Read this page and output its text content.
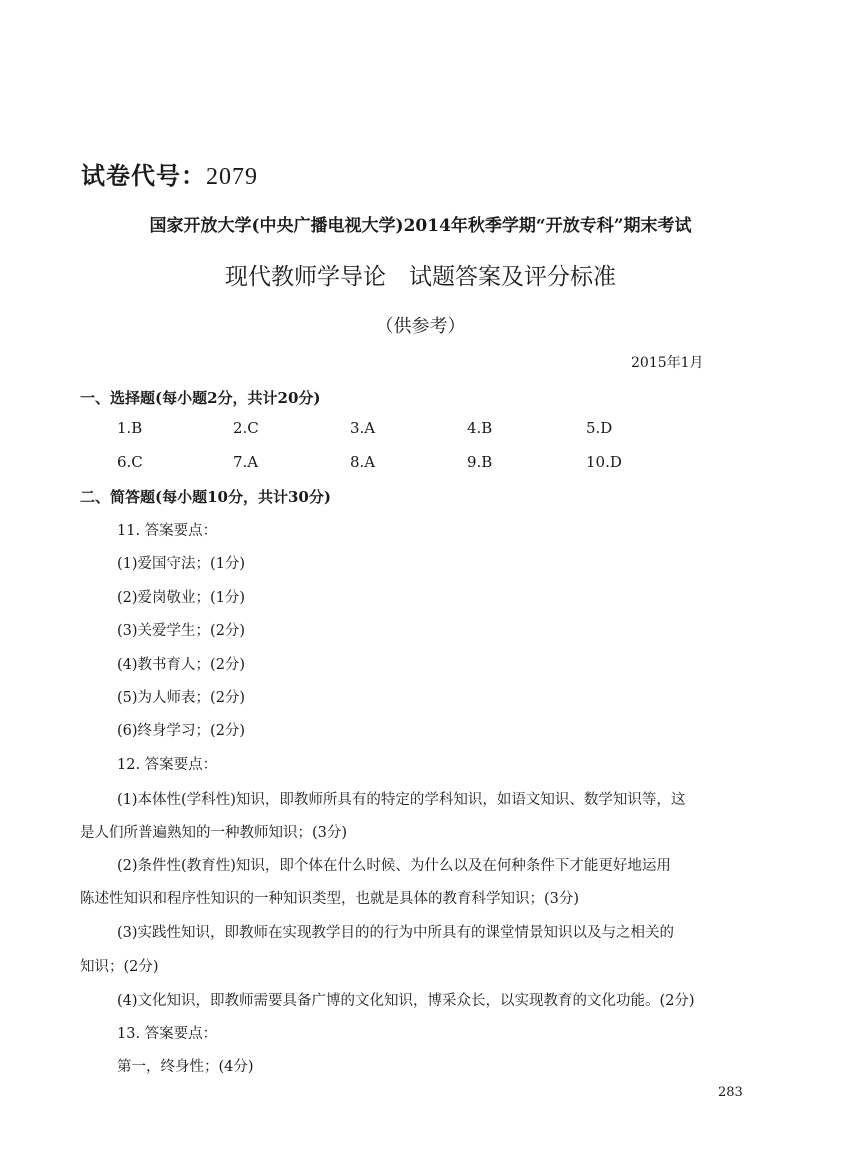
试卷代号：2079
国家开放大学(中央广播电视大学)2014年秋季学期“开放专科”期末考试
现代教师学导论　试题答案及评分标准
（供参考）
2015年1月
一、选择题(每小题2分，共计20分)
1.B	2.C	3.A	4.B	5.D
6.C	7.A	8.A	9.B	10.D
二、简答题(每小题10分，共计30分)
11. 答案要点：
(1)爱国守法；(1分)
(2)爱岗敬业；(1分)
(3)关爱学生；(2分)
(4)教书育人；(2分)
(5)为人师表；(2分)
(6)终身学习；(2分)
12. 答案要点：
(1)本体性(学科性)知识，即教师所具有的特定的学科知识，如语文知识、数学知识等，这
是人们所普遍熟知的一种教师知识；(3分)
(2)条件性(教育性)知识，即个体在什么时候、为什么以及在何种条件下才能更好地运用
陈述性知识和程序性知识的一种知识类型，也就是具体的教育科学知识；(3分)
(3)实践性知识，即教师在实现教学目的的行为中所具有的课堂情景知识以及与之相关的
知识；(2分)
(4)文化知识，即教师需要具备广博的文化知识，博采众长，以实现教育的文化功能。(2分)
13. 答案要点：
第一，终身性；(4分)
283
